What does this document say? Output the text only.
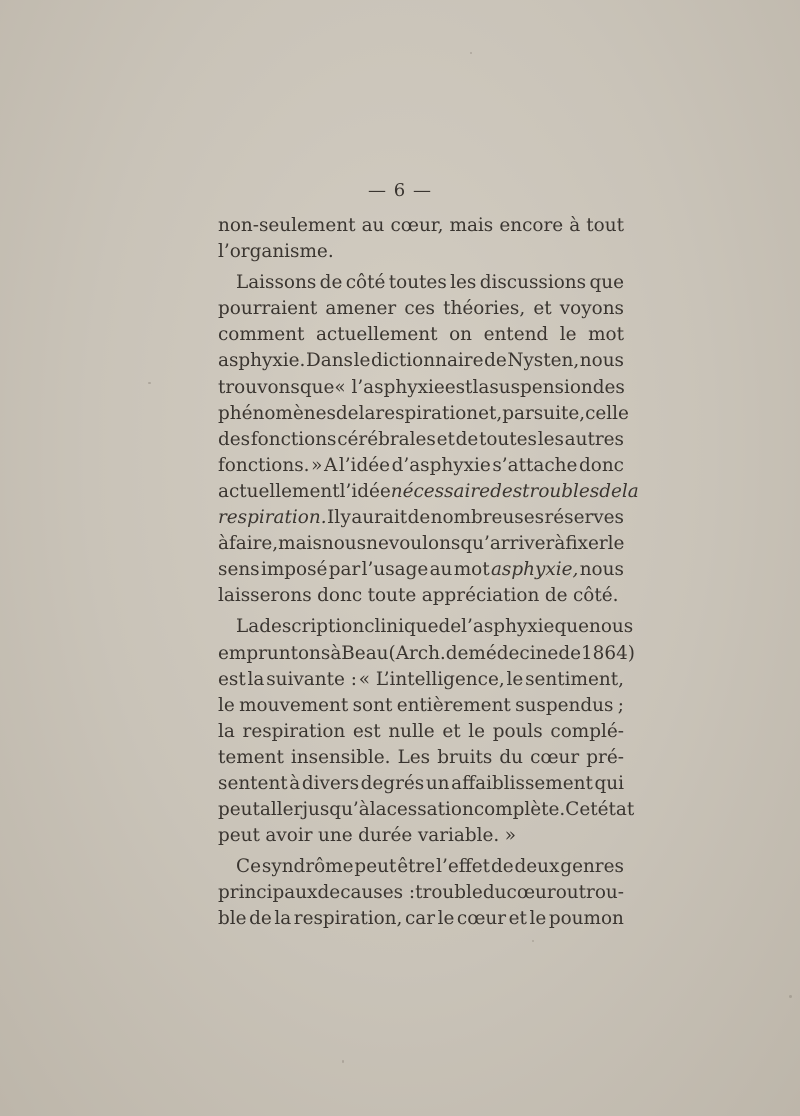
— 6 —
non-seulement au cœur, mais encore à tout
l’organisme.
Laissons de côté toutes les discussions que
pourraient amener ces théories, et voyons
comment actuellement on entend le mot
asphyxie. Dans le dictionnaire de Nysten, nous
trouvons que « l’asphyxie est la suspension des
phénomènes de la respiration et, par suite, celle
des fonctions cérébrales et de toutes les autres
fonctions. » A l’idée d’asphyxie s’attache donc
actuellement l’idée nécessaire des troubles de la
respiration. Il y aurait de nombreuses réserves
à faire, mais nous ne voulons qu’arriver à fixer le
sens imposé par l’usage au mot asphyxie, nous
laisserons donc toute appréciation de côté.
La description clinique de l’asphyxie que nous
empruntons à Beau (Arch. de médecine de 1864)
est la suivante : « L’intelligence, le sentiment,
le mouvement sont entièrement suspendus ;
la respiration est nulle et le pouls complé-
tement insensible. Les bruits du cœur pré-
sentent à divers degrés un affaiblissement qui
peut aller jusqu’à la cessation complète. Cet état
peut avoir une durée variable. »
Ce syndrôme peut être l’effet de deux genres
principaux de causes : trouble du cœur ou trou-
ble de la respiration, car le cœur et le poumon
